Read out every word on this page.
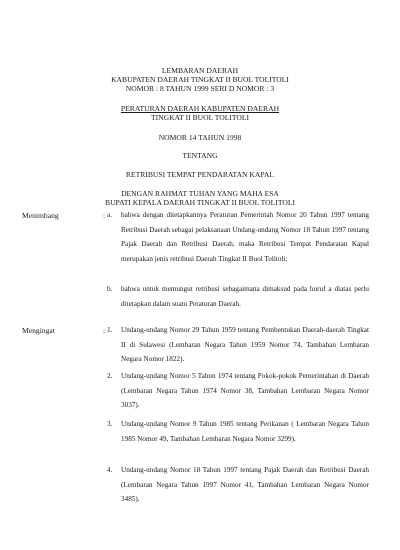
LEMBARAN DAERAH
KABUPATEN DAERAH TINGKAT II BUOL TOLITOLI
NOMOR : 8 TAHUN 1999 SERI D NOMOR : 3
PERATURAN DAERAH KABUPATEN DAERAH
TINGKAT II BUOL TOLITOLI
NOMOR 14 TAHUN 1998
TENTANG
RETRIBUSI TEMPAT PENDARATAN KAPAL
DENGAN RAHMAT TUHAN YANG MAHA ESA
BUPATI KEPALA DAERAH TINGKAT II BUOL TOLITOLI
Menimbang	: a. bahwa dengan ditetapkannya Peraturan Pemerintah Nomor 20 Tahun 1997 tentang Retribusi Daerah sebagai pelaksanaan Undang-undang Nomor 18 Tahun 1997 tentang Pajak Daerah dan Retribusi Daerah, maka Retribusi Tempat Pendaratan Kapal merupakan jenis retribusi Daerah Tingkat II Buol Tolitoli;
b. bahwa untuk memungut retribusi sebagaimana dimaksud pada huruf a diatas perlu ditetapkan dalam suatu Peraturan Daerah.
Mengingat	: 1. Undang-undang Nomor 29 Tahun 1959 tentang Pembentukan Daerah-daerah Tingkat II di Sulawesi (Lembaran Negara Tahun 1959 Nomor 74, Tambahan Lembaran Negara Nomor 1822).
2. Undang-undang Nomor 5 Tahun 1974 tentang Pokok-pokok Pemerintahan di Daerah (Lembaran Negara Tahun 1974 Nomor 38, Tambahan Lembaran Negara Nomor 3037).
3. Undang-undang Nomor 9 Tahun 1985 tentang Perikanan ( Lembaran Negara Tahun 1985 Nomor 49, Tambahan Lembaran Negara Nomor 3299).
4. Undang-undang Nomor 18 Tahun 1997 tentang Pajak Daerah dan Retribusi Daerah (Lembaran Negara Tahun 1997 Nomor 41, Tambahan Lembaran Negara Nomor 3485).
